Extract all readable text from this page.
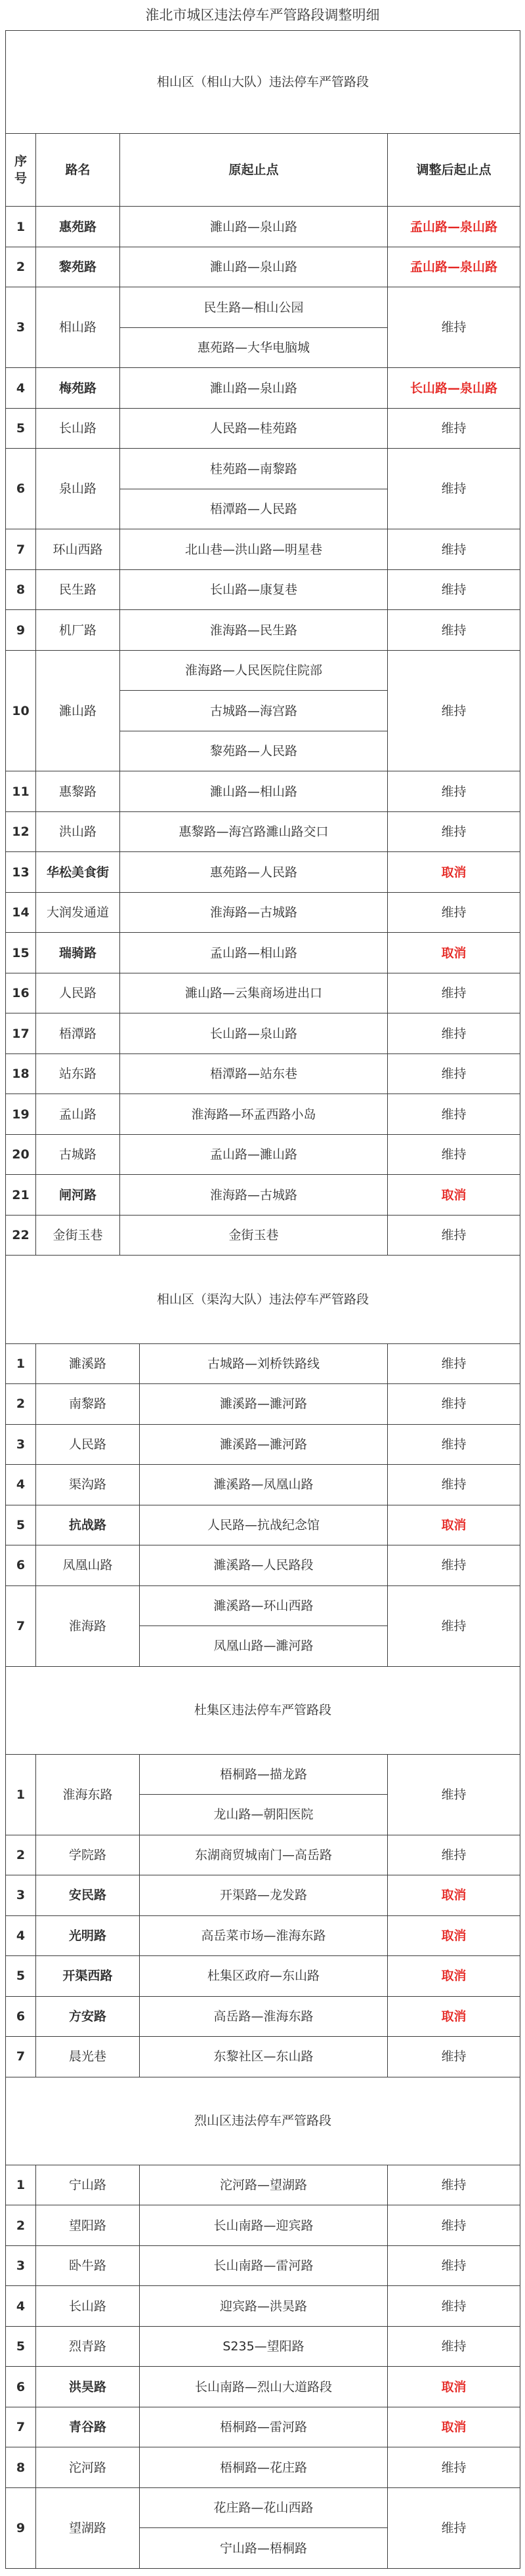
淮北市城区违法停车严管路段调整明细
相山区（相山大队）违法停车严管路段				
序号	路名	原起止点		调整后起止点
1	惠苑路	濉山路—泉山路		孟山路—泉山路
2	黎苑路	濉山路—泉山路		孟山路—泉山路
3	相山路	民生路—相山公园		维持
		惠苑路—大华电脑城		
4	梅苑路	濉山路—泉山路		长山路—泉山路
5	长山路	人民路—桂苑路		维持
6	泉山路	桂苑路—南黎路		维持
		梧潭路—人民路		
7	环山西路	北山巷—洪山路—明星巷		维持
8	民生路	长山路—康复巷		维持
9	机厂路	淮海路—民生路		维持
10	濉山路	淮海路—人民医院住院部		维持
		古城路—海宫路		
		黎苑路—人民路		
11	惠黎路	濉山路—相山路		维持
12	洪山路	惠黎路—海宫路濉山路交口		维持
13	华松美食街	惠苑路—人民路		取消
14	大润发通道	淮海路—古城路		维持
15	瑞骑路	孟山路—相山路		取消
16	人民路	濉山路—云集商场进出口		维持
17	梧潭路	长山路—泉山路		维持
18	站东路	梧潭路—站东巷		维持
19	孟山路	淮海路—环孟西路小岛		维持
20	古城路	孟山路—濉山路		维持
21	闸河路	淮海路—古城路		取消
22	金街玉巷	金街玉巷		维持
相山区（渠沟大队）违法停车严管路段				
1	濉溪路		古城路—刘桥铁路线	维持
2	南黎路		濉溪路—濉河路	维持
3	人民路		濉溪路—濉河路	维持
4	渠沟路		濉溪路—凤凰山路	维持
5	抗战路		人民路—抗战纪念馆	取消
6	凤凰山路		濉溪路—人民路段	维持
7	淮海路		濉溪路—环山西路	维持
			凤凰山路—濉河路	
杜集区违法停车严管路段				
1	淮海东路		梧桐路—描龙路	维持
			龙山路—朝阳医院	
2	学院路		东湖商贸城南门—高岳路	维持
3	安民路		开渠路—龙发路	取消
4	光明路		高岳菜市场—淮海东路	取消
5	开渠西路		杜集区政府—东山路	取消
6	方安路		高岳路—淮海东路	取消
7	晨光巷		东黎社区—东山路	维持
烈山区违法停车严管路段				
1	宁山路		沱河路—望湖路	维持
2	望阳路		长山南路—迎宾路	维持
3	卧牛路		长山南路—雷河路	维持
4	长山路		迎宾路—洪昊路	维持
5	烈青路		S235—望阳路	维持
6	洪昊路		长山南路—烈山大道路段	取消
7	青谷路		梧桐路—雷河路	取消
8	沱河路		梧桐路—花庄路	维持
9	望湖路		花庄路—花山西路	维持
			宁山路—梧桐路	
